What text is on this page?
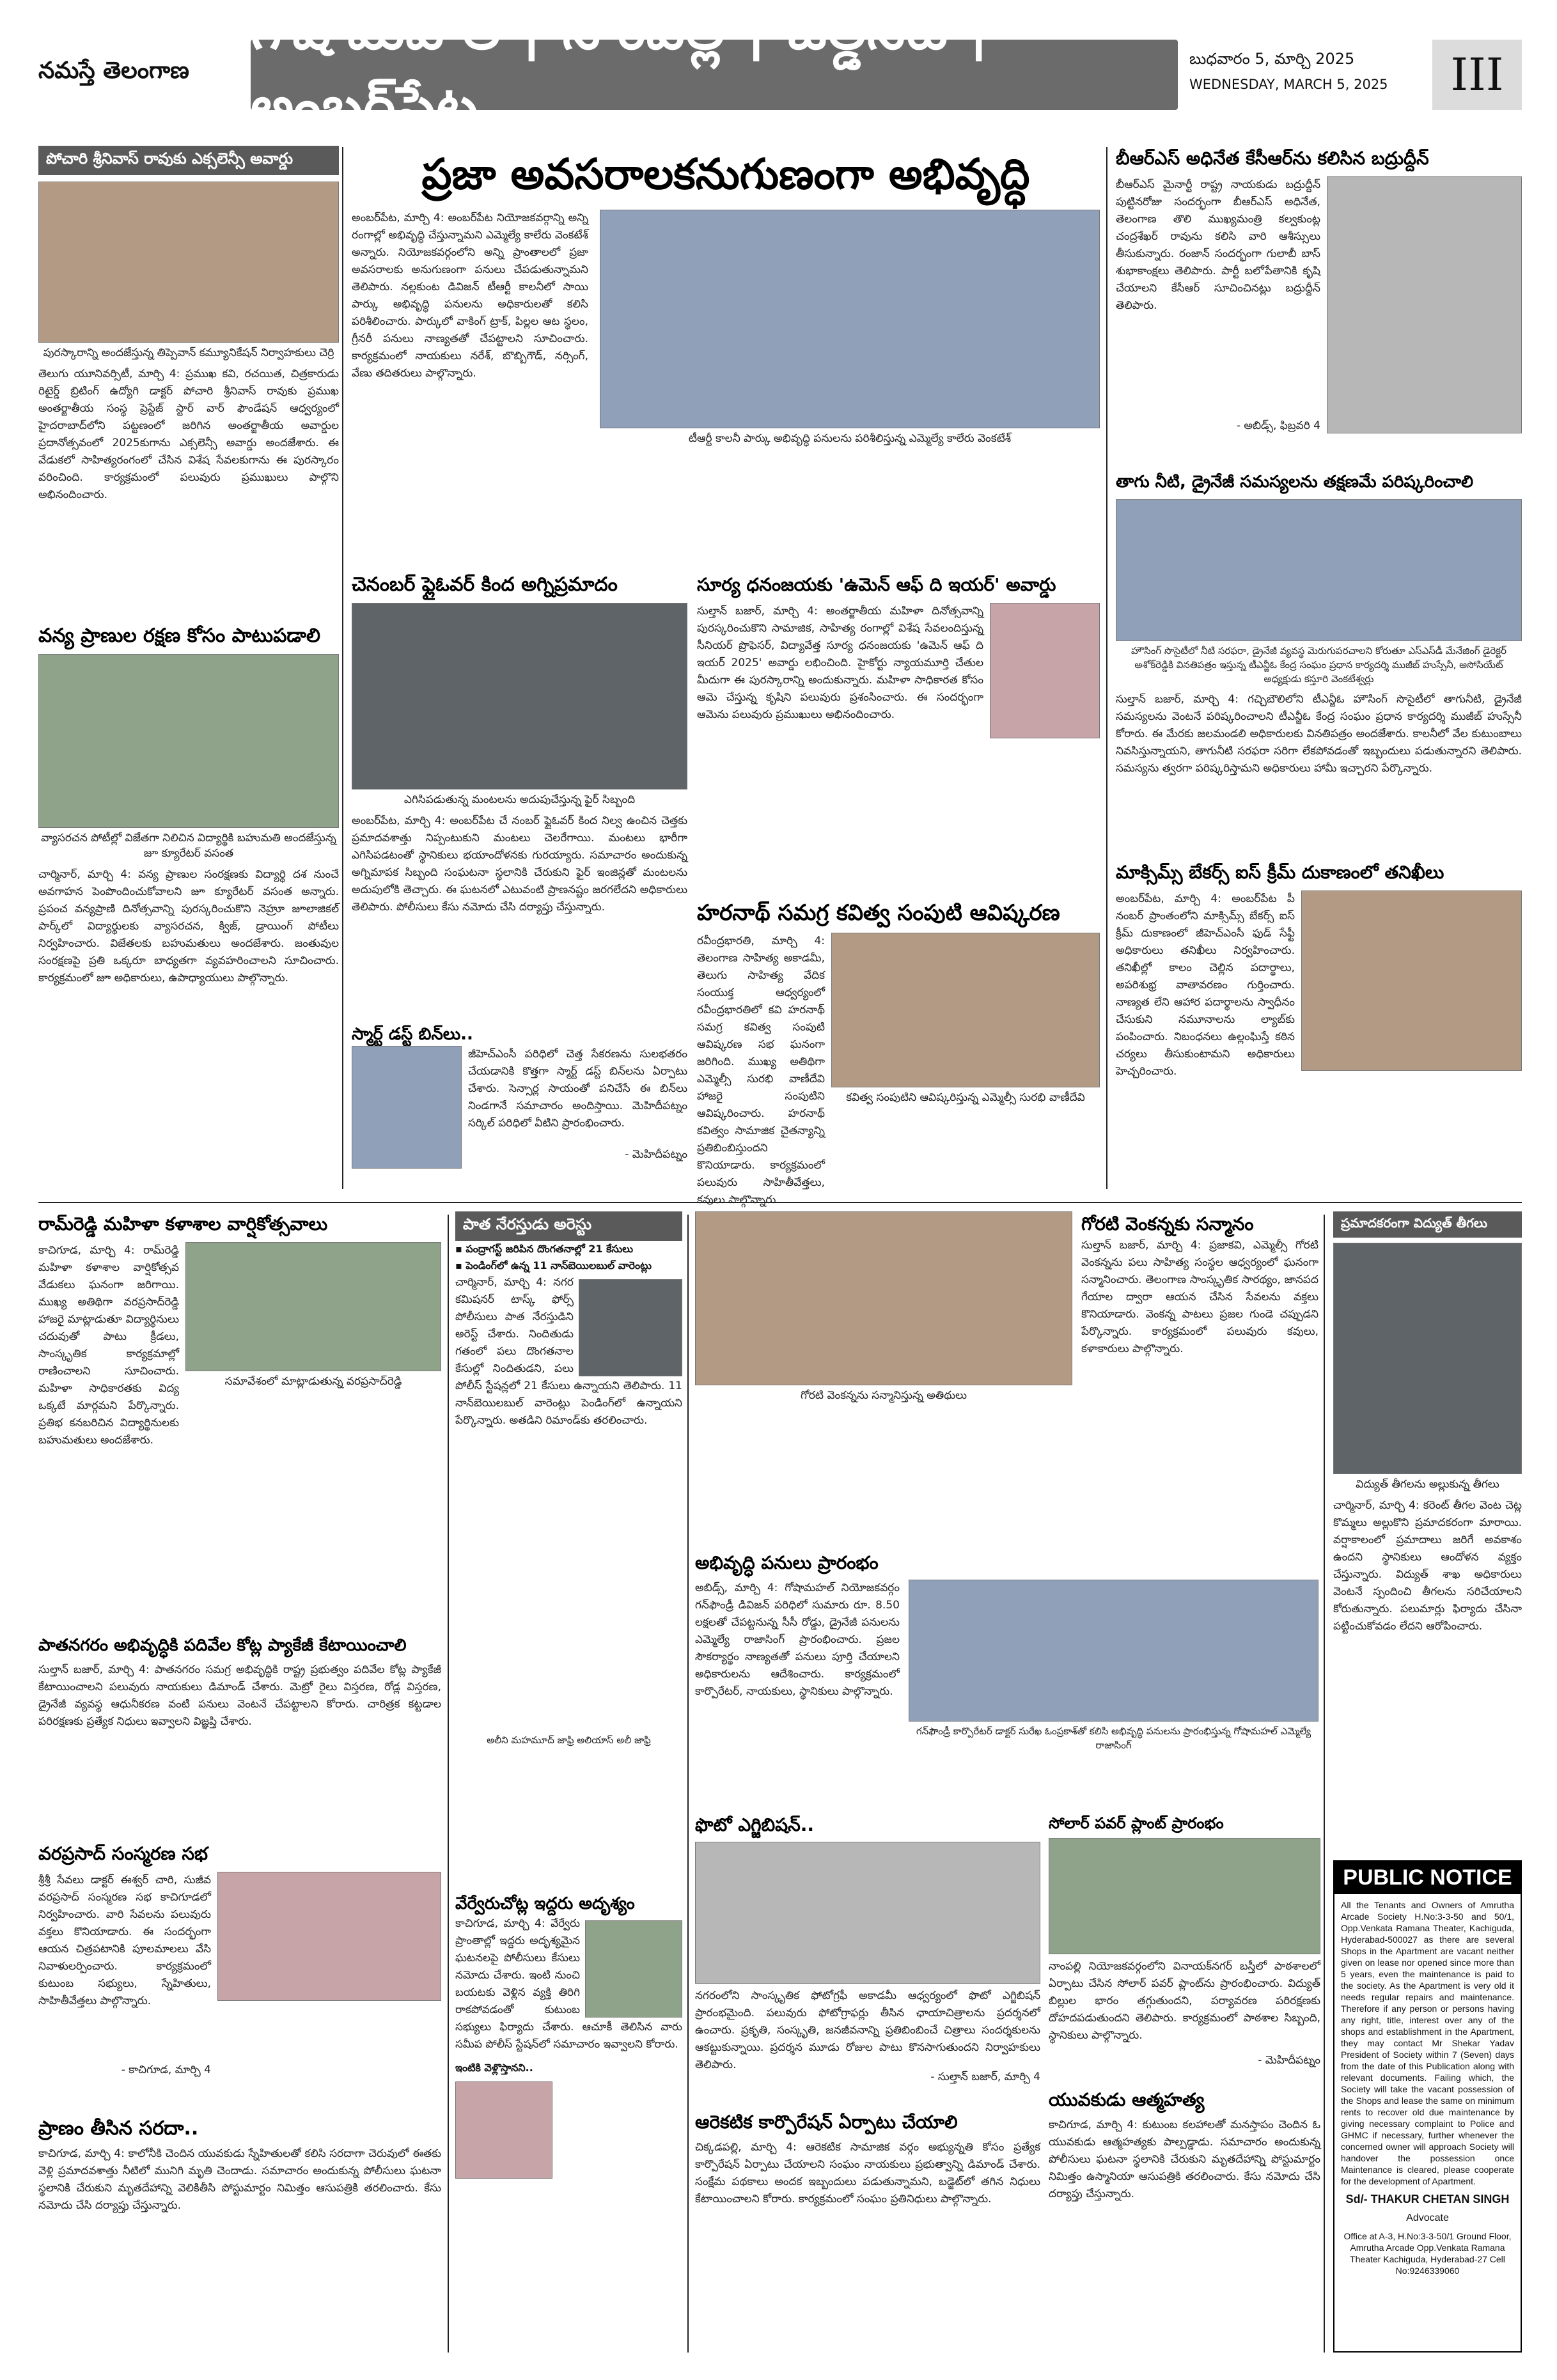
నమస్తే తెలంగాణ
గోషామహల్ | నాంపల్లి | ఓల్డ్‌సిటీ | అంబర్‌పేట
బుధవారం 5, మార్చి 2025
WEDNESDAY, MARCH 5, 2025	III
పోచారి శ్రీనివాస్ రావుకు ఎక్సలెన్సీ అవార్డు
పురస్కారాన్ని అందజేస్తున్న తిప్పెవాన్ కమ్యూనికేషన్ నిర్వాహకులు చెర్రి
తెలుగు యూనివర్సిటీ, మార్చి 4: ప్రముఖ కవి, రచయిత, చిత్రకారుడు రిటైర్డ్ బ్రిటింగ్ ఉద్యోగి డాక్టర్ పోచారి శ్రీనివాస్ రావుకు ప్రముఖ అంతర్జాతీయ సంస్థ ప్రెస్టేజ్ స్టార్ వార్ ఫౌండేషన్ ఆధ్వర్యంలో హైదరాబాద్‌లోని పట్టణంలో జరిగిన అంతర్జాతీయ అవార్డుల ప్రదానోత్సవంలో 2025కుగాను ఎక్సలెన్సీ అవార్డు అందజేశారు. ఈ వేడుకలో సాహిత్యరంగంలో చేసిన విశేష సేవలకుగాను ఈ పురస్కారం వరించింది. కార్యక్రమంలో పలువురు ప్రముఖులు పాల్గొని అభినందించారు.
వన్య ప్రాణుల రక్షణ కోసం పాటుపడాలి
వ్యాసరచన పోటీల్లో విజేతగా నిలిచిన విద్యార్థికి బహుమతి అందజేస్తున్న జూ క్యూరేటర్ వసంత
చార్మినార్, మార్చి 4: వన్య ప్రాణుల సంరక్షణకు విద్యార్థి దశ నుంచే అవగాహన పెంపొందించుకోవాలని జూ క్యూరేటర్ వసంత అన్నారు. ప్రపంచ వన్యప్రాణి దినోత్సవాన్ని పురస్కరించుకొని నెహ్రూ జూలాజికల్ పార్క్‌లో విద్యార్థులకు వ్యాసరచన, క్విజ్, డ్రాయింగ్ పోటీలు నిర్వహించారు. విజేతలకు బహుమతులు అందజేశారు. జంతువుల సంరక్షణపై ప్రతి ఒక్కరూ బాధ్యతగా వ్యవహరించాలని సూచించారు. కార్యక్రమంలో జూ అధికారులు, ఉపాధ్యాయులు పాల్గొన్నారు.
ప్రజా అవసరాలకనుగుణంగా అభివృద్ధి
అంబర్‌పేట, మార్చి 4: అంబర్‌పేట నియోజకవర్గాన్ని అన్ని రంగాల్లో అభివృద్ధి చేస్తున్నామని ఎమ్మెల్యే కాలేరు వెంకటేశ్ అన్నారు. నియోజకవర్గంలోని అన్ని ప్రాంతాలలో ప్రజా అవసరాలకు అనుగుణంగా పనులు చేపడుతున్నామని తెలిపారు. నల్లకుంట డివిజన్ టీఆర్టీ కాలనీలో సాయి పార్కు అభివృద్ధి పనులను అధికారులతో కలిసి పరిశీలించారు. పార్కులో వాకింగ్ ట్రాక్, పిల్లల ఆట స్థలం, గ్రీనరీ పనులు నాణ్యతతో చేపట్టాలని సూచించారు. కార్యక్రమంలో నాయకులు నరేశ్, బొబ్బిగౌడ్, నర్సింగ్, వేణు తదితరులు పాల్గొన్నారు.
టీఆర్టీ కాలనీ పార్కు అభివృద్ధి పనులను పరిశీలిస్తున్న ఎమ్మెల్యే కాలేరు వెంకటేశ్
చెనంబర్ ఫ్లైఓవర్ కింద అగ్నిప్రమాదం
ఎగిసిపడుతున్న మంటలను అదుపుచేస్తున్న ఫైర్ సిబ్బంది
అంబర్‌పేట, మార్చి 4: అంబర్‌పేట చే నంబర్ ఫ్లైఓవర్ కింద నిల్వ ఉంచిన చెత్తకు ప్రమాదవశాత్తు నిప్పంటుకుని మంటలు చెలరేగాయి. మంటలు భారీగా ఎగిసిపడటంతో స్థానికులు భయాందోళనకు గురయ్యారు. సమాచారం అందుకున్న అగ్నిమాపక సిబ్బంది సంఘటనా స్థలానికి చేరుకుని ఫైర్ ఇంజిన్లతో మంటలను అదుపులోకి తెచ్చారు. ఈ ఘటనలో ఎటువంటి ప్రాణనష్టం జరగలేదని అధికారులు తెలిపారు. పోలీసులు కేసు నమోదు చేసి దర్యాప్తు చేస్తున్నారు.
స్మార్ట్ డస్ట్ బిన్‌లు..
జీహెచ్ఎంసీ పరిధిలో చెత్త సేకరణను సులభతరం చేయడానికి కొత్తగా స్మార్ట్ డస్ట్ బిన్‌లను ఏర్పాటు చేశారు. సెన్సార్ల సాయంతో పనిచేసే ఈ బిన్‌లు నిండగానే సమాచారం అందిస్తాయి. మెహిదీపట్నం సర్కిల్ పరిధిలో వీటిని ప్రారంభించారు.
- మెహిదీపట్నం
సూర్య ధనంజయకు 'ఉమెన్ ఆఫ్ ది ఇయర్' అవార్డు
సుల్తాన్ బజార్, మార్చి 4: అంతర్జాతీయ మహిళా దినోత్సవాన్ని పురస్కరించుకొని సామాజిక, సాహిత్య రంగాల్లో విశేష సేవలందిస్తున్న సీనియర్ ప్రొఫెసర్, విద్యావేత్త సూర్య ధనంజయకు 'ఉమెన్ ఆఫ్ ది ఇయర్ 2025' అవార్డు లభించింది. హైకోర్టు న్యాయమూర్తి చేతుల మీదుగా ఈ పురస్కారాన్ని అందుకున్నారు. మహిళా సాధికారత కోసం ఆమె చేస్తున్న కృషిని పలువురు ప్రశంసించారు. ఈ సందర్భంగా ఆమెను పలువురు ప్రముఖులు అభినందించారు.
హరనాథ్ సమగ్ర కవిత్వ సంపుటి ఆవిష్కరణ
రవీంద్రభారతి, మార్చి 4: తెలంగాణ సాహిత్య అకాడమీ, తెలుగు సాహిత్య వేదిక సంయుక్త ఆధ్వర్యంలో రవీంద్రభారతిలో కవి హరనాథ్ సమగ్ర కవిత్వ సంపుటి ఆవిష్కరణ సభ ఘనంగా జరిగింది. ముఖ్య అతిథిగా ఎమ్మెల్సీ సురభి వాణీదేవి హాజరై సంపుటిని ఆవిష్కరించారు. హరనాథ్ కవిత్వం సామాజిక చైతన్యాన్ని ప్రతిబింబిస్తుందని కొనియాడారు. కార్యక్రమంలో పలువురు సాహితీవేత్తలు, కవులు పాల్గొన్నారు.
కవిత్వ సంపుటిని ఆవిష్కరిస్తున్న ఎమ్మెల్సీ సురభి వాణీదేవి
బీఆర్ఎస్ అధినేత కేసీఆర్‌ను కలిసిన బద్రుద్దీన్
బీఆర్ఎస్ మైనార్టీ రాష్ట్ర నాయకుడు బద్రుద్దీన్ పుట్టినరోజు సందర్భంగా బీఆర్ఎస్ అధినేత, తెలంగాణ తొలి ముఖ్యమంత్రి కల్వకుంట్ల చంద్రశేఖర్ రావును కలిసి వారి ఆశీస్సులు తీసుకున్నారు. రంజాన్ సందర్భంగా గులాబీ బాస్ శుభాకాంక్షలు తెలిపారు. పార్టీ బలోపేతానికి కృషి చేయాలని కేసీఆర్ సూచించినట్లు బద్రుద్దీన్ తెలిపారు.
- అబిడ్స్, ఫిబ్రవరి 4
తాగు నీటి, డ్రైనేజీ సమస్యలను తక్షణమే పరిష్కరించాలి
హౌసింగ్ సొసైటీలో నీటి సరఫరా, డ్రైనేజీ వ్యవస్థ మెరుగుపరచాలని కోరుతూ ఎస్ఎస్‌డీ మేనేజింగ్ డైరెక్టర్ అశోక్‌రెడ్డికి వినతిపత్రం ఇస్తున్న టీఎన్జీఓ కేంద్ర సంఘం ప్రధాన కార్యదర్శి ముజీబ్ హుస్సేనీ, అసోసియేట్ అధ్యక్షుడు కస్తూరి వెంకటేశ్వర్లు
సుల్తాన్ బజార్, మార్చి 4: గచ్చిబౌలిలోని టీఎన్జీఓ హౌసింగ్ సొసైటీలో తాగునీటి, డ్రైనేజీ సమస్యలను వెంటనే పరిష్కరించాలని టీఎన్జీఓ కేంద్ర సంఘం ప్రధాన కార్యదర్శి ముజీబ్ హుస్సేనీ కోరారు. ఈ మేరకు జలమండలి అధికారులకు వినతిపత్రం అందజేశారు. కాలనీలో వేల కుటుంబాలు నివసిస్తున్నాయని, తాగునీటి సరఫరా సరిగా లేకపోవడంతో ఇబ్బందులు పడుతున్నారని తెలిపారు. సమస్యను త్వరగా పరిష్కరిస్తామని అధికారులు హామీ ఇచ్చారని పేర్కొన్నారు.
మాక్సిమ్స్ బేకర్స్ ఐస్ క్రీమ్ దుకాణంలో తనిఖీలు
అంబర్‌పేట, మార్చి 4: అంబర్‌పేట పీ నంబర్ ప్రాంతంలోని మాక్సిమ్స్ బేకర్స్ ఐస్ క్రీమ్ దుకాణంలో జీహెచ్ఎంసీ ఫుడ్ సేఫ్టీ అధికారులు తనిఖీలు నిర్వహించారు. తనిఖీల్లో కాలం చెల్లిన పదార్థాలు, అపరిశుభ్ర వాతావరణం గుర్తించారు. నాణ్యత లేని ఆహార పదార్థాలను స్వాధీనం చేసుకుని నమూనాలను ల్యాబ్‌కు పంపించారు. నిబంధనలు ఉల్లంఘిస్తే కఠిన చర్యలు తీసుకుంటామని అధికారులు హెచ్చరించారు.
రామ్‌రెడ్డి మహిళా కళాశాల వార్షికోత్సవాలు
కాచిగూడ, మార్చి 4: రామ్‌రెడ్డి మహిళా కళాశాల వార్షికోత్సవ వేడుకలు ఘనంగా జరిగాయి. ముఖ్య అతిథిగా వరప్రసాద్‌రెడ్డి హాజరై మాట్లాడుతూ విద్యార్థినులు చదువుతో పాటు క్రీడలు, సాంస్కృతిక కార్యక్రమాల్లో రాణించాలని సూచించారు. మహిళా సాధికారతకు విద్య ఒక్కటే మార్గమని పేర్కొన్నారు. ప్రతిభ కనబరిచిన విద్యార్థినులకు బహుమతులు అందజేశారు.
సమావేశంలో మాట్లాడుతున్న వరప్రసాద్‌రెడ్డి
పాతనగరం అభివృద్ధికి పదివేల కోట్ల ప్యాకేజీ కేటాయించాలి
సుల్తాన్ బజార్, మార్చి 4: పాతనగరం సమగ్ర అభివృద్ధికి రాష్ట్ర ప్రభుత్వం పదివేల కోట్ల ప్యాకేజీ కేటాయించాలని పలువురు నాయకులు డిమాండ్ చేశారు. మెట్రో రైలు విస్తరణ, రోడ్ల విస్తరణ, డ్రైనేజీ వ్యవస్థ ఆధునీకరణ వంటి పనులు వెంటనే చేపట్టాలని కోరారు. చారిత్రక కట్టడాల పరిరక్షణకు ప్రత్యేక నిధులు ఇవ్వాలని విజ్ఞప్తి చేశారు.
వరప్రసాద్ సంస్మరణ సభ
శ్రీశ్రీ సేవలు డాక్టర్ ఈశ్వర్ చారి, సుజీవ వరప్రసాద్ సంస్మరణ సభ కాచిగూడలో నిర్వహించారు. వారి సేవలను పలువురు వక్తలు కొనియాడారు. ఈ సందర్భంగా ఆయన చిత్రపటానికి పూలమాలలు వేసి నివాళులర్పించారు. కార్యక్రమంలో కుటుంబ సభ్యులు, స్నేహితులు, సాహితీవేత్తలు పాల్గొన్నారు.
- కాచిగూడ, మార్చి 4
ప్రాణం తీసిన సరదా..
కాచిగూడ, మార్చి 4: కాలోనీకి చెందిన యువకుడు స్నేహితులతో కలిసి సరదాగా చెరువులో ఈతకు వెళ్లి ప్రమాదవశాత్తు నీటిలో మునిగి మృతి చెందాడు. సమాచారం అందుకున్న పోలీసులు ఘటనా స్థలానికి చేరుకుని మృతదేహాన్ని వెలికితీసి పోస్టుమార్టం నిమిత్తం ఆసుపత్రికి తరలించారు. కేసు నమోదు చేసి దర్యాప్తు చేస్తున్నారు.
పాత నేరస్తుడు అరెస్టు
▪ పంద్రాగస్ట్ జరిపిన దొంగతనాల్లో 21 కేసులు
▪ పెండింగ్‌లో ఉన్న 11 నాన్‌బెయిలబుల్ వారెంట్లు
చార్మినార్, మార్చి 4: నగర కమిషనర్ టాస్క్ ఫోర్స్ పోలీసులు పాత నేరస్తుడిని అరెస్ట్ చేశారు. నిందితుడు గతంలో పలు దొంగతనాల కేసుల్లో నిందితుడని, పలు పోలీస్ స్టేషన్లలో 21 కేసులు ఉన్నాయని తెలిపారు. 11 నాన్‌బెయిలబుల్ వారెంట్లు పెండింగ్‌లో ఉన్నాయని పేర్కొన్నారు. అతడిని రిమాండ్‌కు తరలించారు.
అలీని మహమూద్ జాఫ్రి అలియాస్ అలీ జాఫ్రి
వేర్వేరుచోట్ల ఇద్దరు అదృశ్యం
కాచిగూడ, మార్చి 4: వేర్వేరు ప్రాంతాల్లో ఇద్దరు అదృశ్యమైన ఘటనలపై పోలీసులు కేసులు నమోదు చేశారు. ఇంటి నుంచి బయటకు వెళ్లిన వ్యక్తి తిరిగి రాకపోవడంతో కుటుంబ సభ్యులు ఫిర్యాదు చేశారు. ఆచూకీ తెలిసిన వారు సమీప పోలీస్ స్టేషన్‌లో సమాచారం ఇవ్వాలని కోరారు.
ఇంటికి వెళ్లొస్తానని..
గోరటి వెంకన్నను సన్మానిస్తున్న అతిథులు
గోరటి వెంకన్నకు సన్మానం
సుల్తాన్ బజార్, మార్చి 4: ప్రజాకవి, ఎమ్మెల్సీ గోరటి వెంకన్నను పలు సాహిత్య సంస్థల ఆధ్వర్యంలో ఘనంగా సన్మానించారు. తెలంగాణ సాంస్కృతిక సారథ్యం, జానపద గేయాల ద్వారా ఆయన చేసిన సేవలను వక్తలు కొనియాడారు. వెంకన్న పాటలు ప్రజల గుండె చప్పుడని పేర్కొన్నారు. కార్యక్రమంలో పలువురు కవులు, కళాకారులు పాల్గొన్నారు.
అభివృద్ధి పనులు ప్రారంభం
అబిడ్స్, మార్చి 4: గోషామహల్ నియోజకవర్గం గన్‌ఫౌండ్రీ డివిజన్ పరిధిలో సుమారు రూ. 8.50 లక్షలతో చేపట్టనున్న సీసీ రోడ్డు, డ్రైనేజీ పనులను ఎమ్మెల్యే రాజాసింగ్ ప్రారంభించారు. ప్రజల సౌకర్యార్థం నాణ్యతతో పనులు పూర్తి చేయాలని అధికారులను ఆదేశించారు. కార్యక్రమంలో కార్పొరేటర్, నాయకులు, స్థానికులు పాల్గొన్నారు.
గన్‌ఫౌండ్రీ కార్పొరేటర్ డాక్టర్ సురేఖ ఓంప్రకాశ్‌తో కలిసి అభివృద్ధి పనులను ప్రారంభిస్తున్న గోషామహల్ ఎమ్మెల్యే రాజాసింగ్
ఫొటో ఎగ్జిబిషన్..
నగరంలోని సాంస్కృతిక ఫోటోగ్రఫీ అకాడమీ ఆధ్వర్యంలో ఫొటో ఎగ్జిబిషన్ ప్రారంభమైంది. పలువురు ఫోటోగ్రాఫర్లు తీసిన ఛాయాచిత్రాలను ప్రదర్శనలో ఉంచారు. ప్రకృతి, సంస్కృతి, జనజీవనాన్ని ప్రతిబింబించే చిత్రాలు సందర్శకులను ఆకట్టుకున్నాయి. ప్రదర్శన మూడు రోజుల పాటు కొనసాగుతుందని నిర్వాహకులు తెలిపారు.
- సుల్తాన్ బజార్, మార్చి 4
ఆరెకటిక కార్పొరేషన్ ఏర్పాటు చేయాలి
చిక్కడపల్లి, మార్చి 4: ఆరెకటిక సామాజిక వర్గం అభ్యున్నతి కోసం ప్రత్యేక కార్పొరేషన్ ఏర్పాటు చేయాలని సంఘం నాయకులు ప్రభుత్వాన్ని డిమాండ్ చేశారు. సంక్షేమ పథకాలు అందక ఇబ్బందులు పడుతున్నామని, బడ్జెట్‌లో తగిన నిధులు కేటాయించాలని కోరారు. కార్యక్రమంలో సంఘం ప్రతినిధులు పాల్గొన్నారు.
సోలార్ పవర్ ప్లాంట్ ప్రారంభం
నాంపల్లి నియోజకవర్గంలోని వినాయక్‌నగర్ బస్తీలో పాఠశాలలో ఏర్పాటు చేసిన సోలార్ పవర్ ప్లాంట్‌ను ప్రారంభించారు. విద్యుత్ బిల్లుల భారం తగ్గుతుందని, పర్యావరణ పరిరక్షణకు దోహదపడుతుందని తెలిపారు. కార్యక్రమంలో పాఠశాల సిబ్బంది, స్థానికులు పాల్గొన్నారు.
- మెహిదీపట్నం
యువకుడు ఆత్మహత్య
కాచిగూడ, మార్చి 4: కుటుంబ కలహాలతో మనస్తాపం చెందిన ఓ యువకుడు ఆత్మహత్యకు పాల్పడ్డాడు. సమాచారం అందుకున్న పోలీసులు ఘటనా స్థలానికి చేరుకుని మృతదేహాన్ని పోస్టుమార్టం నిమిత్తం ఉస్మానియా ఆసుపత్రికి తరలించారు. కేసు నమోదు చేసి దర్యాప్తు చేస్తున్నారు.
ప్రమాదకరంగా విద్యుత్ తీగలు
విద్యుత్ తీగలను అల్లుకున్న తీగలు
చార్మినార్, మార్చి 4: కరెంట్ తీగల వెంట చెట్ల కొమ్మలు అల్లుకొని ప్రమాదకరంగా మారాయి. వర్షాకాలంలో ప్రమాదాలు జరిగే అవకాశం ఉందని స్థానికులు ఆందోళన వ్యక్తం చేస్తున్నారు. విద్యుత్ శాఖ అధికారులు వెంటనే స్పందించి తీగలను సరిచేయాలని కోరుతున్నారు. పలుమార్లు ఫిర్యాదు చేసినా పట్టించుకోవడం లేదని ఆరోపించారు.
PUBLIC NOTICE

All the Tenants and Owners of Amrutha Arcade Society H.No:3-3-50 and 50/1, Opp.Venkata Ramana Theater, Kachiguda, Hyderabad-500027 as there are several Shops in the Apartment are vacant neither given on lease nor opened since more than 5 years, even the maintenance is paid to the society. As the Apartment is very old it needs regular repairs and maintenance. Therefore if any person or persons having any right, title, interest over any of the shops and establishment in the Apartment, they may contact Mr Shekar Yadav President of Society within 7 (Seven) days from the date of this Publication along with relevant documents. Failing which, the Society will take the vacant possession of the Shops and lease the same on minimum rents to recover old due maintenance by giving necessary complaint to Police and GHMC if necessary, further whenever the concerned owner will approach Society will handover the possession once Maintenance is cleared, please cooperate for the development of Apartment.

Sd/- THAKUR CHETAN SINGH

Advocate

Office at A-3, H.No:3-3-50/1 Ground Floor, Amrutha Arcade Opp.Venkata Ramana Theater Kachiguda, Hyderabad-27 Cell No:9246339060
